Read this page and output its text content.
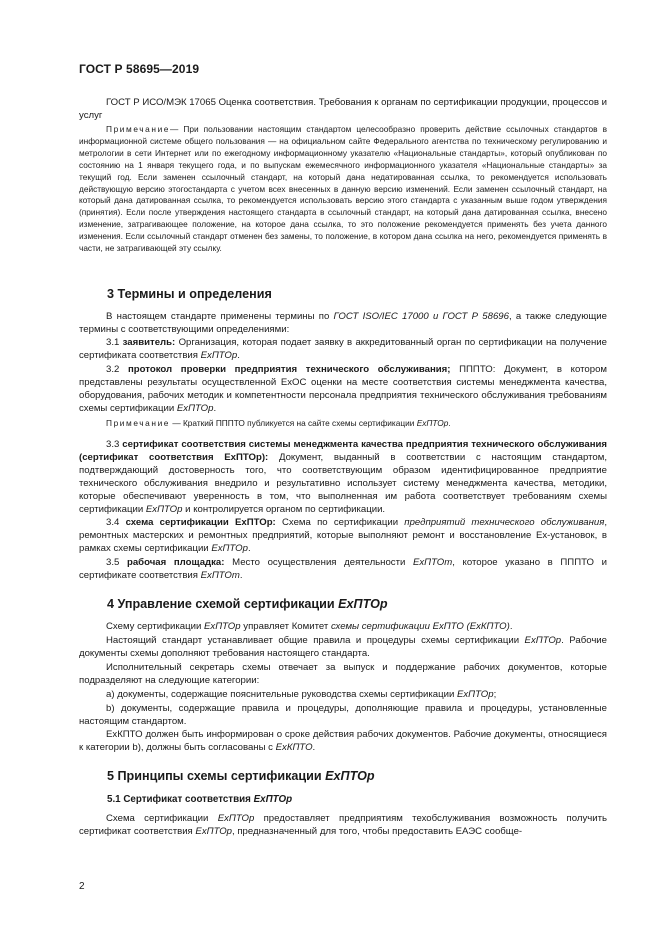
ГОСТ Р 58695—2019

ГОСТ Р ИСО/МЭК 17065 Оценка соответствия. Требования к органам по сертификации продукции, процессов и услуг

Примечание— При пользовании настоящим стандартом целесообразно проверить действие ссылочных стандартов в информационной системе общего пользования — на официальном сайте Федерального агентства по техническому регулированию и метрологии в сети Интернет или по ежегодному информационному указателю «Национальные стандарты», который опубликован по состоянию на 1 января текущего года, и по выпускам ежемесячного информационного указателя «Национальные стандарты» за текущий год. Если заменен ссылочный стандарт, на который дана недатированная ссылка, то рекомендуется использовать действующую версию этогостандарта с учетом всех внесенных в данную версию изменений. Если заменен ссылочный стандарт, на который дана датированная ссылка, то рекомендуется использовать версию этого стандарта с указанным выше годом утверждения (принятия). Если после утверждения настоящего стандарта в ссылочный стандарт, на который дана датированная ссылка, внесено изменение, затрагивающее положение, на которое дана ссылка, то это положение рекомендуется применять без учета данного изменения. Если ссылочный стандарт отменен без замены, то положение, в котором дана ссылка на него, рекомендуется применять в части, не затрагивающей эту ссылку.

3 Термины и определения

В настоящем стандарте применены термины по ГОСТ ISO/IEC 17000 и ГОСТ Р 58696, а также следующие термины с соответствующими определениями:

3.1 заявитель: Организация, которая подает заявку в аккредитованный орган по сертификации на получение сертификата соответствия ExПТОр.

3.2 протокол проверки предприятия технического обслуживания; ПППТО: Документ, в котором представлены результаты осуществленной ExОС оценки на месте соответствия системы менеджмента качества, оборудования, рабочих методик и компетентности персонала предприятия технического обслуживания требованиям схемы сертификации ExПТОр.

Примечание — Краткий ПППТО публикуется на сайте схемы сертификации ExПТОр.

3.3 сертификат соответствия системы менеджмента качества предприятия технического обслуживания (сертификат соответствия ExПТОр): Документ, выданный в соответствии с настоящим стандартом, подтверждающий достоверность того, что соответствующим образом идентифицированное предприятие технического обслуживания внедрило и результативно использует систему менеджмента качества, методики, которые обеспечивают уверенность в том, что выполненная им работа соответствует требованиям схемы сертификации ExПТОр и контролируется органом по сертификации.

3.4 схема сертификации ExПТОр: Схема по сертификации предприятий технического обслуживания, ремонтных мастерских и ремонтных предприятий, которые выполняют ремонт и восстановление Ex-установок, в рамках схемы сертификации ExПТОр.

3.5 рабочая площадка: Место осуществления деятельности ExПТОт, которое указано в ПППТО и сертификате соответствия ExПТОт.

4 Управление схемой сертификации ExПТОр

Схему сертификации ExПТОр управляет Комитет схемы сертификации ExПТО (ExКПТО).

Настоящий стандарт устанавливает общие правила и процедуры схемы сертификации ExПТОр. Рабочие документы схемы дополняют требования настоящего стандарта.

Исполнительный секретарь схемы отвечает за выпуск и поддержание рабочих документов, которые подразделяют на следующие категории:

а) документы, содержащие пояснительные руководства схемы сертификации ExПТОр;

b) документы, содержащие правила и процедуры, дополняющие правила и процедуры, установленные настоящим стандартом.

ExКПТО должен быть информирован о сроке действия рабочих документов. Рабочие документы, относящиеся к категории b), должны быть согласованы с ExКПТО.

5 Принципы схемы сертификации ExПТОр
5.1 Сертификат соответствия ExПТОр

Схема сертификации ExПТОр предоставляет предприятиям техобслуживания возможность получить сертификат соответствия ExПТОр, предназначенный для того, чтобы предоставить ЕАЭС сообще-

2
